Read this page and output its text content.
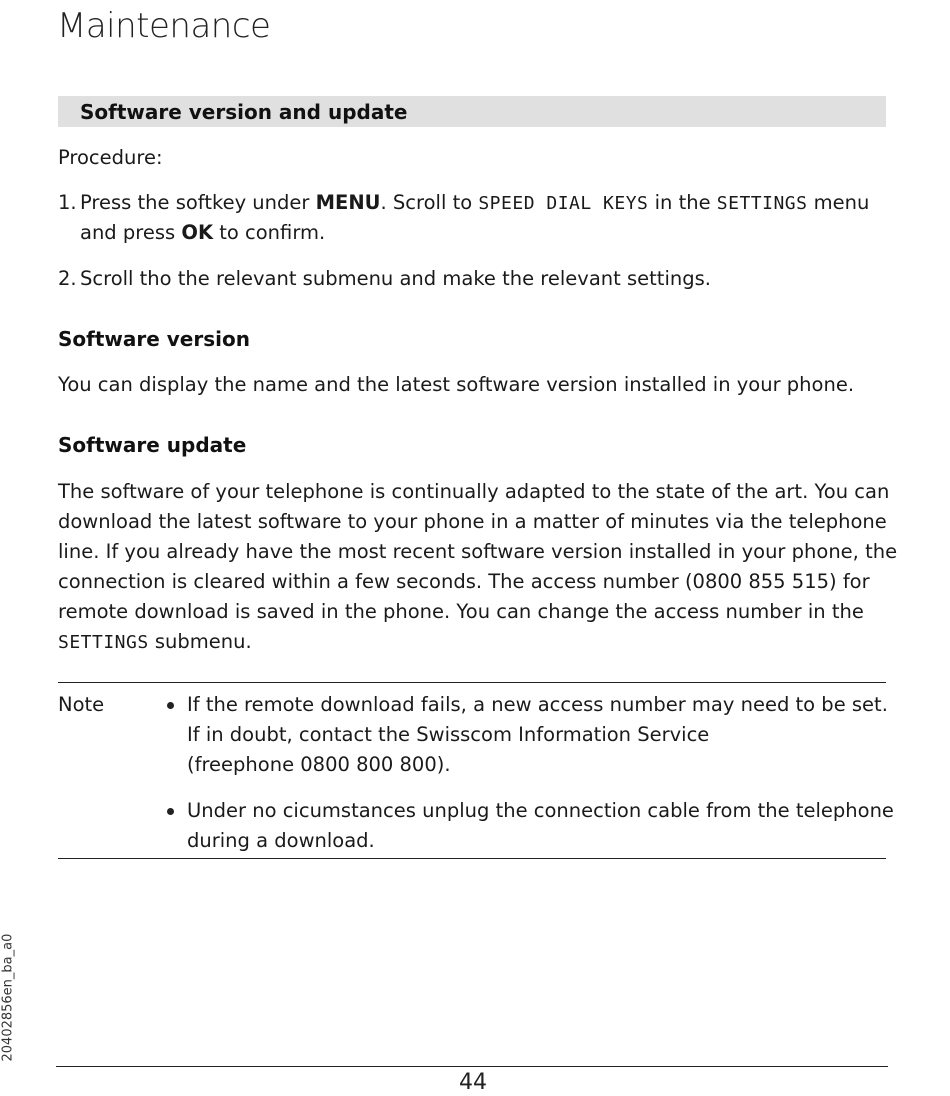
Maintenance
Software version and update
Procedure:
1. Press the softkey under MENU. Scroll to SPEED DIAL KEYS in the SETTINGS menu
and press OK to confirm.
2. Scroll tho the relevant submenu and make the relevant settings.
Software version
You can display the name and the latest software version installed in your phone.
Software update
The software of your telephone is continually adapted to the state of the art. You can
download the latest software to your phone in a matter of minutes via the telephone
line. If you already have the most recent software version installed in your phone, the
connection is cleared within a few seconds. The access number (0800 855 515) for
remote download is saved in the phone. You can change the access number in the
SETTINGS submenu.
Note	If the remote download fails, a new access number may need to be set.
If in doubt, contact the Swisscom Information Service
(freephone 0800 800 800).
Under no cicumstances unplug the connection cable from the telephone
during a download.
20402856en_ba_a0
44
